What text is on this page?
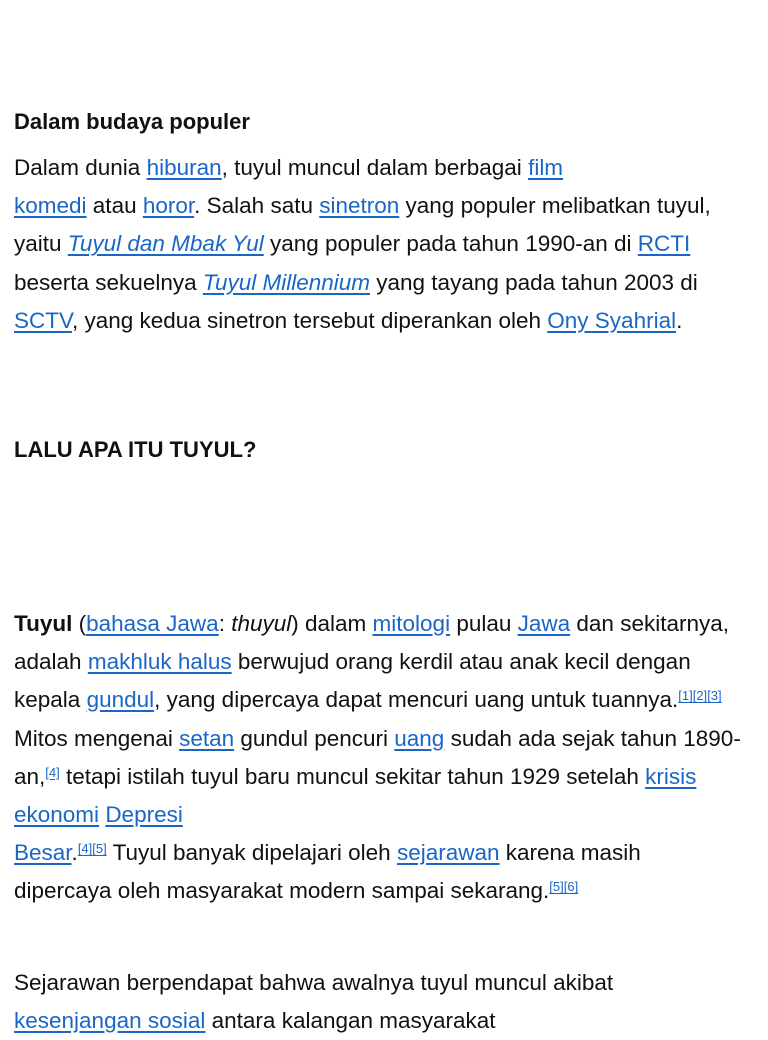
Dalam budaya populer

Dalam dunia hiburan, tuyul muncul dalam berbagai film
komedi atau horor. Salah satu sinetron yang populer melibatkan tuyul, yaitu Tuyul dan Mbak Yul yang populer pada tahun 1990-an di RCTI beserta sekuelnya Tuyul Millennium yang tayang pada tahun 2003 di SCTV, yang kedua sinetron tersebut diperankan oleh Ony Syahrial.

LALU APA ITU TUYUL?

Tuyul (bahasa Jawa: thuyul) dalam mitologi pulau Jawa dan sekitarnya, adalah makhluk halus berwujud orang kerdil atau anak kecil dengan kepala gundul, yang dipercaya dapat mencuri uang untuk tuannya.[1][2][3] Mitos mengenai setan gundul pencuri uang sudah ada sejak tahun 1890-an,[4] tetapi istilah tuyul baru muncul sekitar tahun 1929 setelah krisis ekonomi Depresi
Besar.[4][5] Tuyul banyak dipelajari oleh sejarawan karena masih dipercaya oleh masyarakat modern sampai sekarang.[5][6]

Sejarawan berpendapat bahwa awalnya tuyul muncul akibat kesenjangan sosial antara kalangan masyarakat
